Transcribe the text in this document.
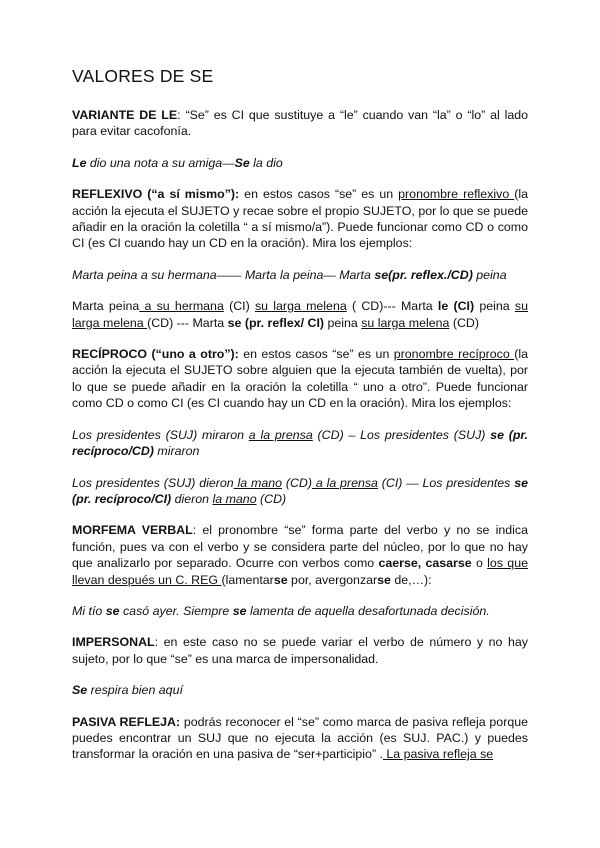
VALORES DE SE

VARIANTE DE LE: “Se” es CI que sustituye a “le” cuando van “la” o “lo” al lado para evitar cacofonía.

Le dio una nota a su amiga—Se la dio

REFLEXIVO (“a sí mismo”): en estos casos “se” es un pronombre reflexivo (la acción la ejecuta el SUJETO y recae sobre el propio SUJETO, por lo que se puede añadir en la oración la coletilla “ a sí mismo/a”). Puede funcionar como CD o como CI (es CI cuando hay un CD en la oración). Mira los ejemplos:

Marta peina a su hermana—— Marta la peina— Marta se(pr. reflex./CD) peina

Marta peina a su hermana (CI) su larga melena ( CD)--- Marta le (CI) peina su larga melena (CD) --- Marta se (pr. reflex/ CI) peina su larga melena (CD)

RECÍPROCO (“uno a otro”): en estos casos “se” es un pronombre recíproco (la acción la ejecuta el SUJETO sobre alguien que la ejecuta también de vuelta), por lo que se puede añadir en la oración la coletilla “ uno a otro”. Puede funcionar como CD o como CI (es CI cuando hay un CD en la oración). Mira los ejemplos:

Los presidentes (SUJ) miraron a la prensa (CD) – Los presidentes (SUJ) se (pr. recíproco/CD) miraron

Los presidentes (SUJ) dieron la mano (CD) a la prensa (CI) — Los presidentes se (pr. recíproco/CI) dieron la mano (CD)

MORFEMA VERBAL: el pronombre “se” forma parte del verbo y no se indica función, pues va con el verbo y se considera parte del núcleo, por lo que no hay que analizarlo por separado. Ocurre con verbos como caerse, casarse o los que llevan después un C. REG (lamentarse por, avergonzarse de,…):

Mi tío se casó ayer. Siempre se lamenta de aquella desafortunada decisión.

IMPERSONAL: en este caso no se puede variar el verbo de número y no hay sujeto, por lo que “se” es una marca de impersonalidad.

Se respira bien aquí

PASIVA REFLEJA: podrás reconocer el “se” como marca de pasiva refleja porque puedes encontrar un SUJ que no ejecuta la acción (es SUJ. PAC.) y puedes transformar la oración en una pasiva de “ser+participio” . La pasiva refleja se
